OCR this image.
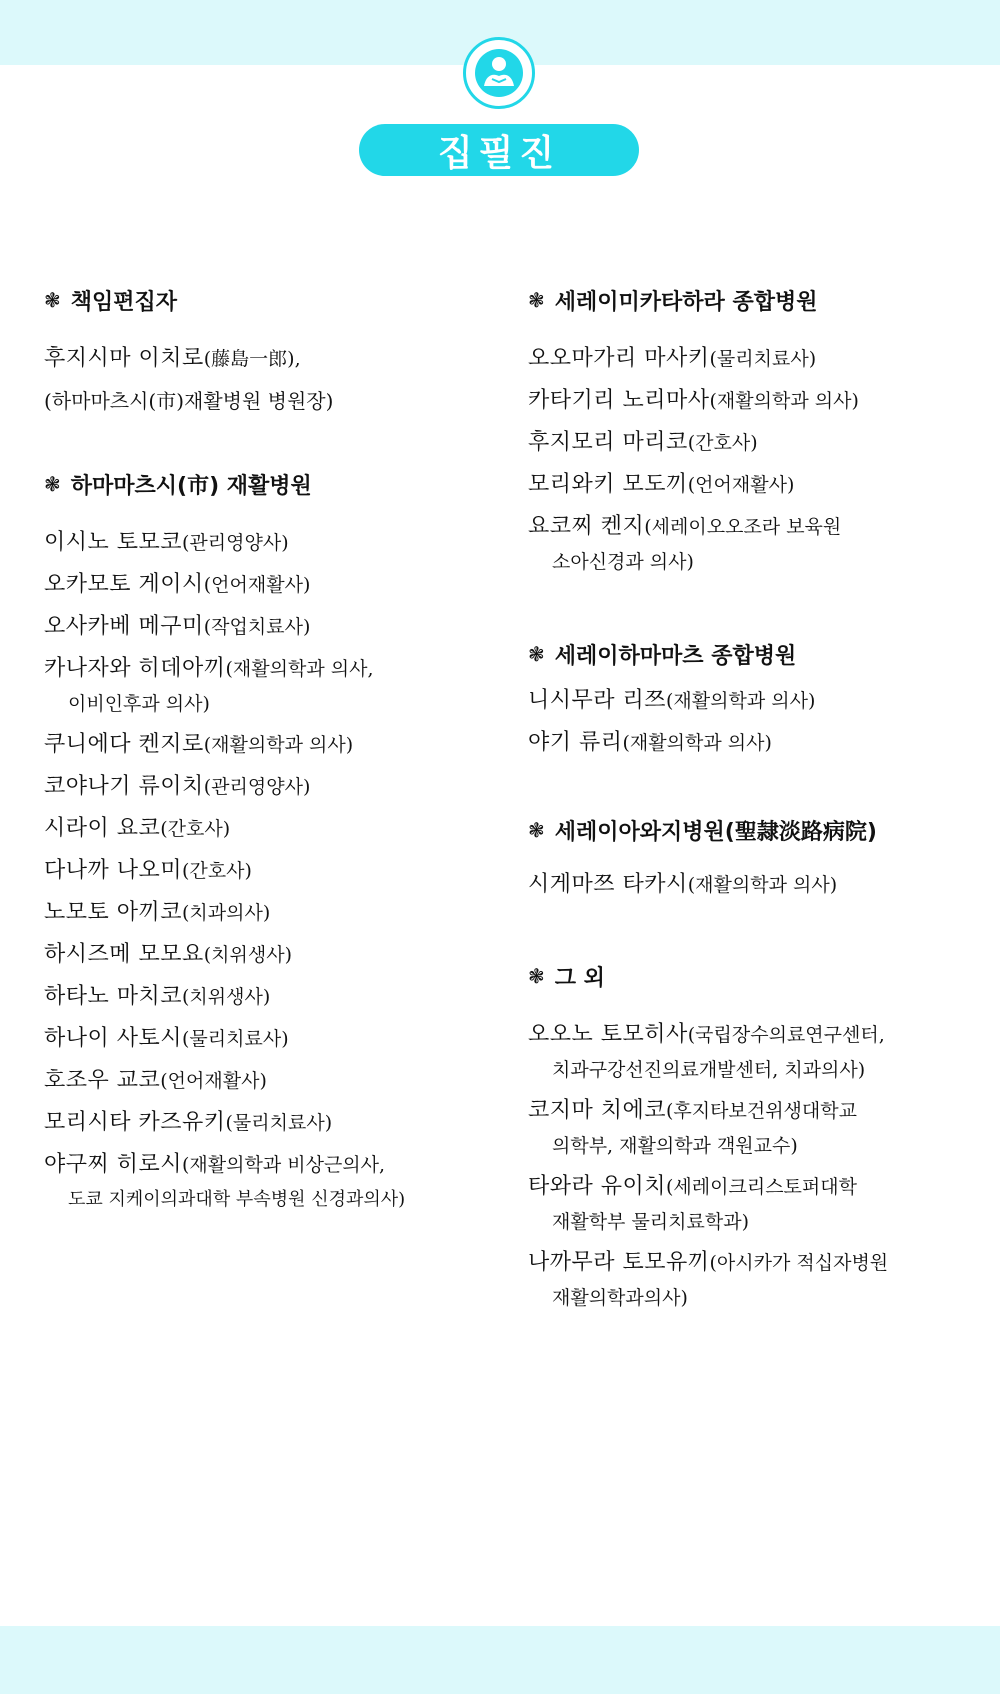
집필진
❃ 책임편집자
후지시마 이치로(藤島一郎),
(하마마츠시(市)재활병원 병원장)
❃ 하마마츠시(市) 재활병원
이시노 토모코(관리영양사)
오카모토 게이시(언어재활사)
오사카베 메구미(작업치료사)
카나자와 히데아끼(재활의학과 의사,
이비인후과 의사)
쿠니에다 켄지로(재활의학과 의사)
코야나기 류이치(관리영양사)
시라이 요코(간호사)
다나까 나오미(간호사)
노모토 아끼코(치과의사)
하시즈메 모모요(치위생사)
하타노 마치코(치위생사)
하나이 사토시(물리치료사)
호조우 교코(언어재활사)
모리시타 카즈유키(물리치료사)
야구찌 히로시(재활의학과 비상근의사,
도쿄 지케이의과대학 부속병원 신경과의사)
❃ 세레이미카타하라 종합병원
오오마가리 마사키(물리치료사)
카타기리 노리마사(재활의학과 의사)
후지모리 마리코(간호사)
모리와키 모도끼(언어재활사)
요코찌 켄지(세레이오오조라 보육원
소아신경과 의사)
❃ 세레이하마마츠 종합병원
니시무라 리쯔(재활의학과 의사)
야기 류리(재활의학과 의사)
❃ 세레이아와지병원(聖隷淡路病院)
시게마쯔 타카시(재활의학과 의사)
❃ 그 외
오오노 토모히사(국립장수의료연구센터,
치과구강선진의료개발센터, 치과의사)
코지마 치에코(후지타보건위생대학교
의학부, 재활의학과 객원교수)
타와라 유이치(세레이크리스토퍼대학
재활학부 물리치료학과)
나까무라 토모유끼(아시카가 적십자병원
재활의학과의사)
